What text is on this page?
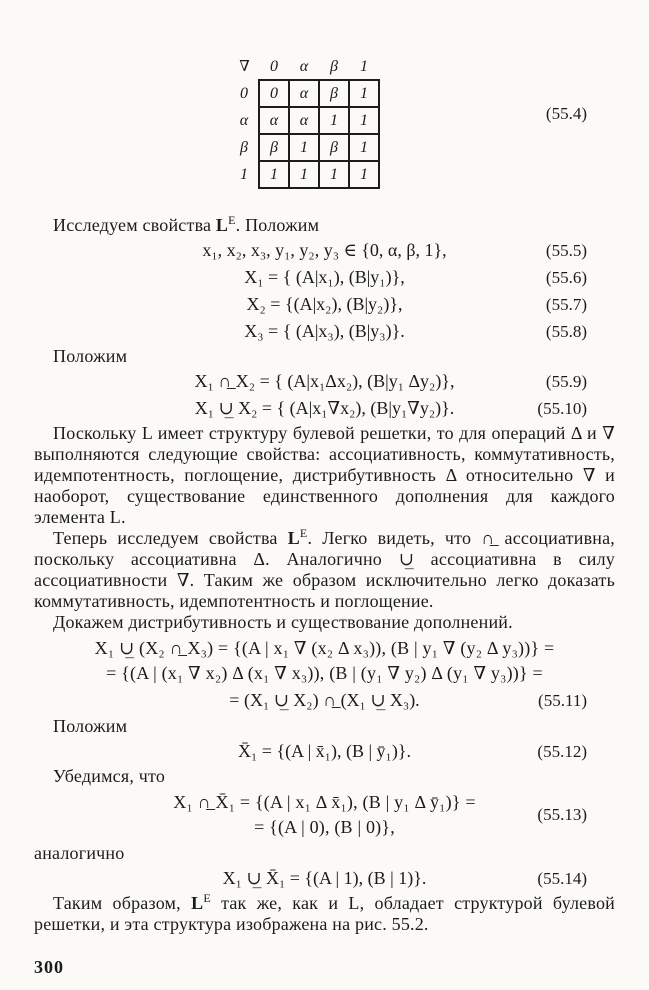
∇	0	α	β	1
0	0	α	β	1
α	α	α	1	1
β	β	1	β	1
1	1	1	1	1
(55.4)

Исследуем свойства $L^E$. Положим

x₁, x₂, x₃, y₁, y₂, y₃ ∈ {0, α, β, 1},	(55.5)
X₁ = { (A|x₁), (B|y₁)},	(55.6)
X₂ = {(A|x₂), (B|y₂)},	(55.7)
X₃ = { (A|x₃), (B|y₃)}.	(55.8)

Положим

X₁ ∩̲ X₂ = { (A|x₁Δx₂), (B|y₁ Δy₂)},	(55.9)
X₁ ∪̲ X₂ = { (A|x₁∇x₂), (B|y₁∇y₂)}.	(55.10)

Поскольку L имеет структуру булевой решетки, то для операций Δ и ∇ выполняются следующие свойства: ассоциативность, коммутативность, идемпотентность, поглощение, дистрибутивность Δ относительно ∇ и наоборот, существование единственного дополнения для каждого элемента L.

Теперь исследуем свойства $L^E$. Легко видеть, что ∩̲ ассоциативна, поскольку ассоциативна Δ. Аналогично ∪̲ ассоциативна в силу ассоциативности ∇. Таким же образом исключительно легко доказать коммутативность, идемпотентность и поглощение.

Докажем дистрибутивность и существование дополнений.

X₁ ∪̲ (X₂ ∩̲ X₃) = {(A | x₁ ∇ (x₂ Δ x₃)), (B | y₁ ∇ (y₂ Δ y₃))} =
= {(A | (x₁ ∇ x₂) Δ (x₁ ∇ x₃)), (B | (y₁ ∇ y₂) Δ (y₁ ∇ y₃))} =
= (X₁ ∪̲ X₂) ∩̲ (X₁ ∪̲ X₃).	(55.11)

Положим

X̄₁ = {(A | x̄₁), (B | ȳ₁)}.	(55.12)

Убедимся, что

X₁ ∩̲ X̄₁ = {(A | x₁ Δ x̄₁), (B | y₁ Δ ȳ₁)} =
= {(A | 0), (B | 0)},
(55.13)

аналогично

X₁ ∪̲ X̄₁ = {(A | 1), (B | 1)}.	(55.14)

Таким образом, $L^E$ так же, как и L, обладает структурой булевой решетки, и эта структура изображена на рис. 55.2.

300
